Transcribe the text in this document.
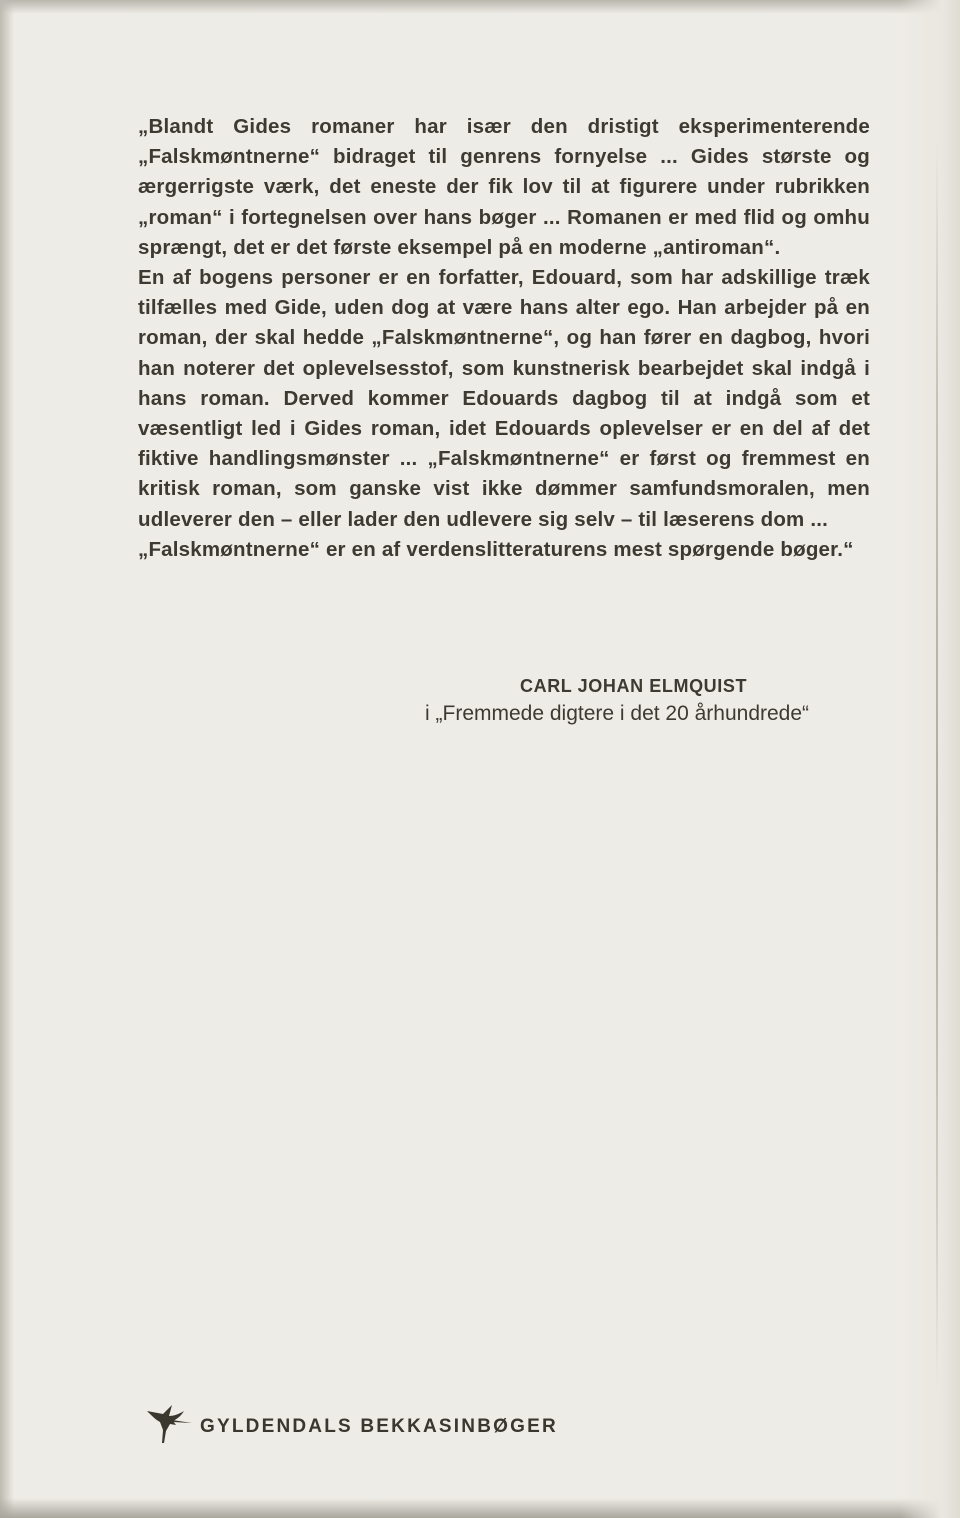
„Blandt Gides romaner har især den dristigt eksperimenterende „Falskmøntnerne“ bidraget til genrens fornyelse ... Gides største og ærgerrigste værk, det eneste der fik lov til at figurere under rubrikken „roman“ i fortegnelsen over hans bøger ... Romanen er med flid og omhu sprængt, det er det første eksempel på en moderne „antiroman“.

En af bogens personer er en forfatter, Edouard, som har adskillige træk tilfælles med Gide, uden dog at være hans alter ego. Han arbejder på en roman, der skal hedde „Falskmøntnerne“, og han fører en dagbog, hvori han noterer det oplevelsesstof, som kunstnerisk bearbejdet skal indgå i hans roman. Derved kommer Edouards dagbog til at indgå som et væsentligt led i Gides roman, idet Edouards oplevelser er en del af det fiktive handlingsmønster ... „Falskmøntnerne“ er først og fremmest en kritisk roman, som ganske vist ikke dømmer samfundsmoralen, men udleverer den – eller lader den udlevere sig selv – til læserens dom ...

„Falskmøntnerne“ er en af verdenslitteraturens mest spørgende bøger.“

CARL JOHAN ELMQUIST
i „Fremmede digtere i det 20 århundrede“
GYLDENDALS BEKKASINBØGER
